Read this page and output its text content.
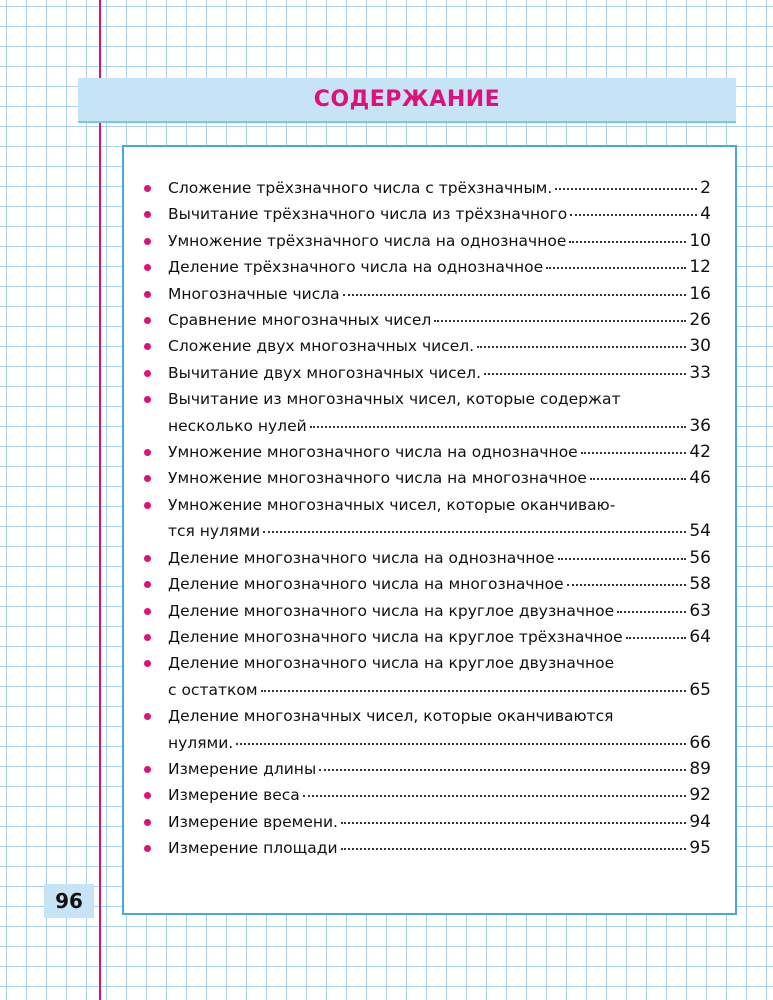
СОДЕРЖАНИЕ
Сложение трёхзначного числа с трёхзначным.	2
Вычитание трёхзначного числа из трёхзначного	4
Умножение трёхзначного числа на однозначное	10
Деление трёхзначного числа на однозначное	12
Многозначные числа	16
Сравнение многозначных чисел	26
Сложение двух многозначных чисел.	30
Вычитание двух многозначных чисел.	33
Вычитание из многозначных чисел, которые содержат
несколько нулей	36
Умножение многозначного числа на однозначное	42
Умножение многозначного числа на многозначное	46
Умножение многозначных чисел, которые оканчиваю-
тся нулями	54
Деление многозначного числа на однозначное	56
Деление многозначного числа на многозначное	58
Деление многозначного числа на круглое двузначное	63
Деление многозначного числа на круглое трёхзначное	64
Деление многозначного числа на круглое двузначное
с остатком	65
Деление многозначных чисел, которые оканчиваются
нулями.	66
Измерение длины	89
Измерение веса	92
Измерение времени.	94
Измерение площади	95
96
